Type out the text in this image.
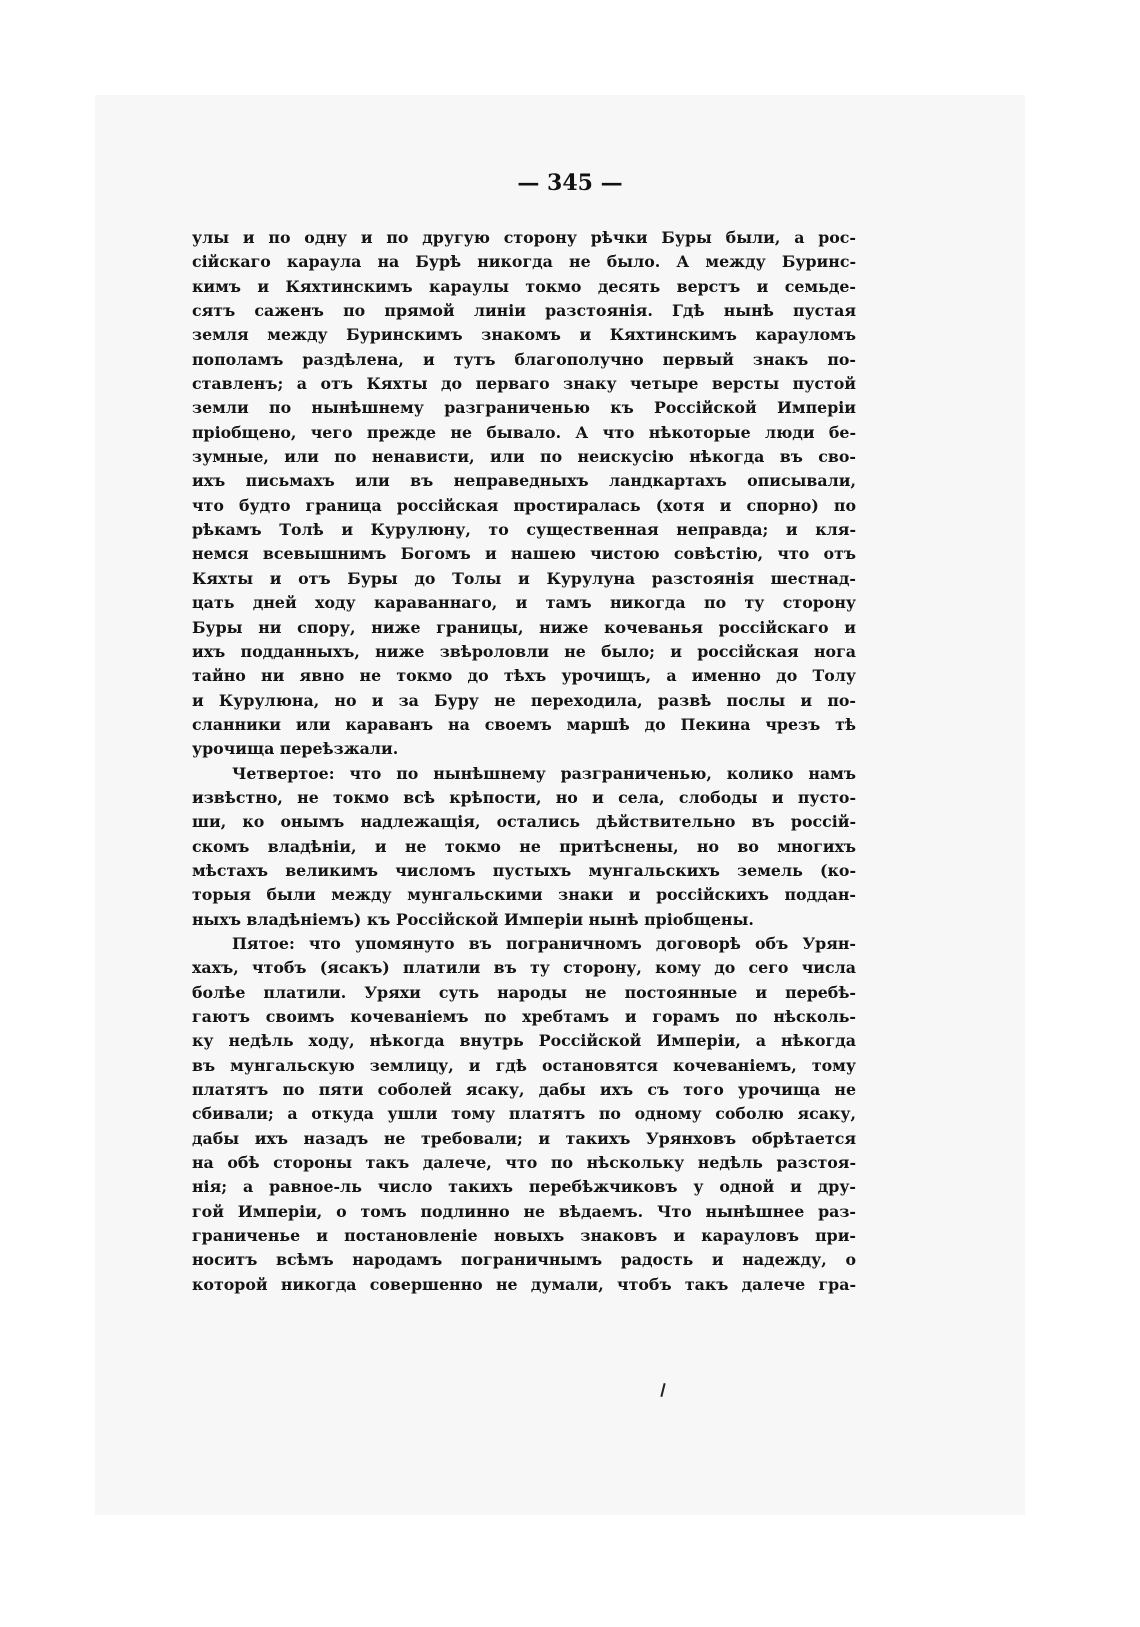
— 345 —
улы и по одну и по другую сторону рѣчки Буры были, а рос-
сійскаго караула на Бурѣ никогда не было. А между Буринс-
кимъ и Кяхтинскимъ караулы токмо десять верстъ и семьде-
сятъ саженъ по прямой линіи разстоянія. Гдѣ нынѣ пустая
земля между Буринскимъ знакомъ и Кяхтинскимъ карауломъ
пополамъ раздѣлена, и тутъ благополучно первый знакъ по-
ставленъ; а отъ Кяхты до перваго знаку четыре версты пустой
земли по нынѣшнему разграниченью къ Россійской Имперіи
пріобщено, чего прежде не бывало. А что нѣкоторые люди бе-
зумные, или по ненависти, или по неискусію нѣкогда въ сво-
ихъ письмахъ или въ неправедныхъ ландкартахъ описывали,
что будто граница россійская простиралась (хотя и спорно) по
рѣкамъ Толѣ и Курулюну, то существенная неправда; и кля-
немся всевышнимъ Богомъ и нашею чистою совѣстію, что отъ
Кяхты и отъ Буры до Толы и Курулуна разстоянія шестнад-
цать дней ходу караваннаго, и тамъ никогда по ту сторону
Буры ни спору, ниже границы, ниже кочеванья россійскаго и
ихъ подданныхъ, ниже звѣроловли не было; и россійская нога
тайно ни явно не токмо до тѣхъ урочищъ, а именно до Толу
и Курулюна, но и за Буру не переходила, развѣ послы и по-
сланники или караванъ на своемъ маршѣ до Пекина чрезъ тѣ
урочища переѣзжали.
Четвертое: что по нынѣшнему разграниченью, колико намъ
извѣстно, не токмо всѣ крѣпости, но и села, слободы и пусто-
ши, ко онымъ надлежащія, остались дѣйствительно въ россій-
скомъ владѣніи, и не токмо не притѣснены, но во многихъ
мѣстахъ великимъ числомъ пустыхъ мунгальскихъ земель (ко-
торыя были между мунгальскими знаки и россійскихъ поддан-
ныхъ владѣніемъ) къ Россійской Имперіи нынѣ пріобщены.
Пятое: что упомянуто въ пограничномъ договорѣ объ Урян-
хахъ, чтобъ (ясакъ) платили въ ту сторону, кому до сего числа
болѣе платили. Уряхи суть народы не постоянные и перебѣ-
гаютъ своимъ кочеваніемъ по хребтамъ и горамъ по нѣсколь-
ку недѣль ходу, нѣкогда внутрь Россійской Имперіи, а нѣкогда
въ мунгальскую землицу, и гдѣ остановятся кочеваніемъ, тому
платятъ по пяти соболей ясаку, дабы ихъ съ того урочища не
сбивали; а откуда ушли тому платятъ по одному соболю ясаку,
дабы ихъ назадъ не требовали; и такихъ Урянховъ обрѣтается
на обѣ стороны такъ далече, что по нѣскольку недѣль разстоя-
нія; а равное-ль число такихъ перебѣжчиковъ у одной и дру-
гой Имперіи, о томъ подлинно не вѣдаемъ. Что нынѣшнее раз-
граниченье и постановленіе новыхъ знаковъ и карауловъ при-
носитъ всѣмъ народамъ пограничнымъ радость и надежду, о
которой никогда совершенно не думали, чтобъ такъ далече гра-
